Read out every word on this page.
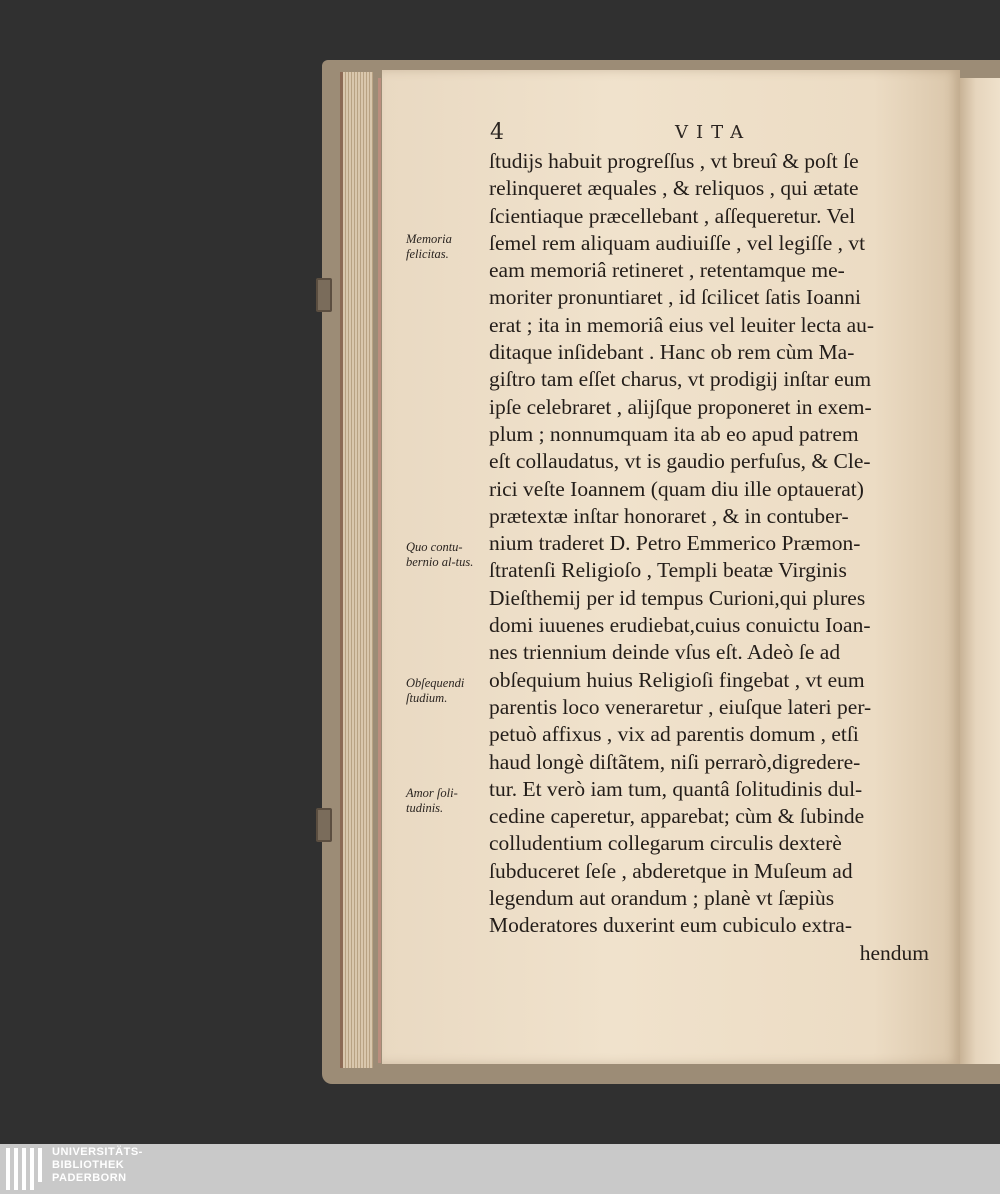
4	VITA
Memoria felicitas.
Quo contu-bernio al-tus.
Obſequendi ſtudium.
Amor ſoli-tudinis.
ſtudijs habuit progreſſus , vt breuî & poſt ſe
relinqueret æquales , & reliquos , qui ætate
ſcientiaque præcellebant , aſſequeretur. Vel
ſemel rem aliquam audiuiſſe , vel legiſſe , vt
eam memoriâ retineret , retentamque me-
moriter pronuntiaret , id ſcilicet ſatis Ioanni
erat ; ita in memoriâ eius vel leuiter lecta au-
ditaque inſidebant . Hanc ob rem cùm Ma-
giſtro tam eſſet charus, vt prodigij inſtar eum
ipſe celebraret , alijſque proponeret in exem-
plum ; nonnumquam ita ab eo apud patrem
eſt collaudatus, vt is gaudio perfuſus, & Cle-
rici veſte Ioannem (quam diu ille optauerat)
prætextæ inſtar honoraret , & in contuber-
nium traderet D. Petro Emmerico Præmon-
ſtratenſi Religioſo , Templi beatæ Virginis
Dieſthemij per id tempus Curioni,qui plures
domi iuuenes erudiebat,cuius conuictu Ioan-
nes triennium deinde vſus eſt. Adeò ſe ad
obſequium huius Religioſi fingebat , vt eum
parentis loco veneraretur , eiuſque lateri per-
petuò affixus , vix ad parentis domum , etſi
haud longè diſtãtem, niſi perrarò,digredere-
tur. Et verò iam tum, quantâ ſolitudinis dul-
cedine caperetur, apparebat; cùm & ſubinde
colludentium collegarum circulis dexterè
ſubduceret ſeſe , abderetque in Muſeum ad
legendum aut orandum ; planè vt ſæpiùs
Moderatores duxerint eum cubiculo extra-
hendum
UNIVERSITÄTS-
BIBLIOTHEK
PADERBORN
